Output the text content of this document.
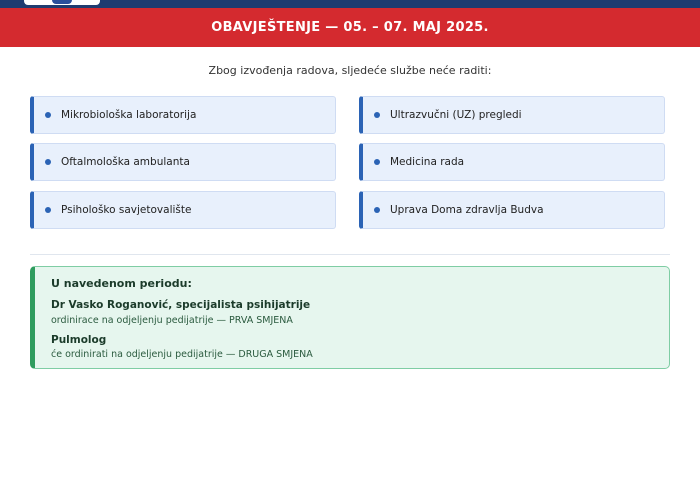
OBAVJEŠTENJE — 05. – 07. MAJ 2025.
Zbog izvođenja radova, sljedeće službe neće raditi:
Mikrobiološka laboratorija	Ultrazvučni (UZ) pregledi
Oftalmološka ambulanta	Medicina rada
Psihološko savjetovalište	Uprava Doma zdravlja Budva
U navedenom periodu:
Dr Vasko Roganović, specijalista psihijatrije
ordinirace na odjeljenju pedijatrije — PRVA SMJENA
Pulmolog
će ordinirati na odjeljenju pedijatrije — DRUGA SMJENA
